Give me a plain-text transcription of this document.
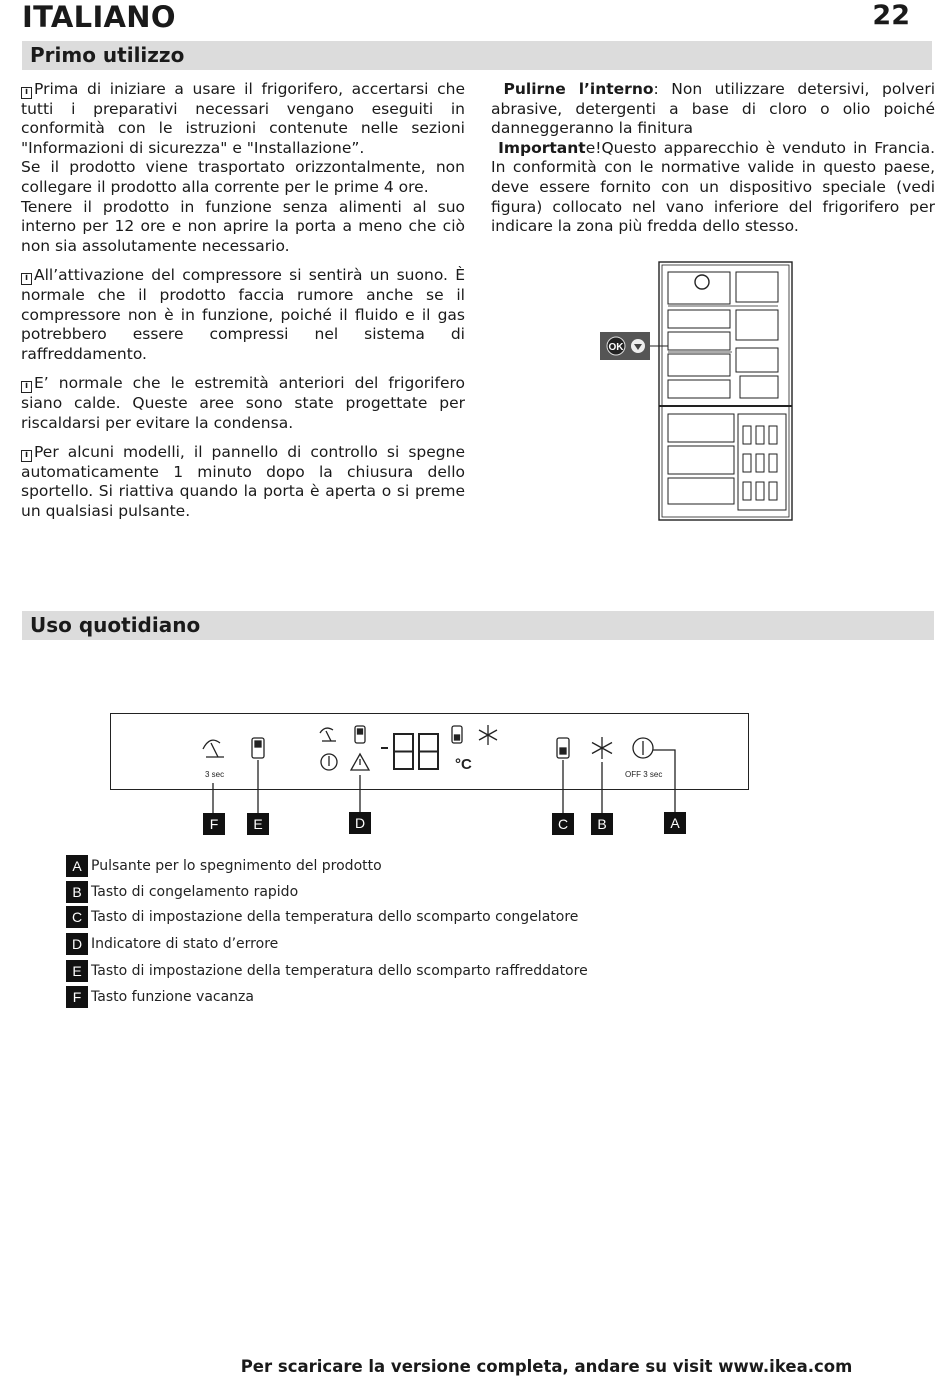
ITALIANO	22
Primo utilizzo

i Prima di iniziare a usare il frigorifero, accertarsi che tutti i preparativi necessari vengano eseguiti in conformità con le istruzioni contenute nelle sezioni "Informazioni di sicurezza" e "Installazione”.

Se il prodotto viene trasportato orizzontalmente, non collegare il prodotto alla corrente per le prime 4 ore.

Tenere il prodotto in funzione senza alimenti al suo interno per 12 ore e non aprire la porta a meno che ciò non sia assolutamente necessario.

i All’attivazione del compressore si sentirà un suono. È normale che il prodotto faccia rumore anche se il compressore non è in funzione, poiché il fluido e il gas potrebbero essere compressi nel sistema di raffreddamento.

i E’ normale che le estremità anteriori del frigorifero siano calde. Queste aree sono state progettate per riscaldarsi per evitare la condensa.

i Per alcuni modelli, il pannello di controllo si spegne automaticamente 1 minuto dopo la chiusura dello sportello. Si riattiva quando la porta è aperta o si preme un qualsiasi pulsante.

Pulirne l’interno: Non utilizzare detersivi, polveri abrasive, detergenti a base di cloro o olio poiché danneggeranno la finitura

Importante!Questo apparecchio è venduto in Francia. In conformità con le normative valide in questo paese, deve essere fornito con un dispositivo speciale (vedi figura) collocato nel vano inferiore del frigorifero per indicare la zona più fredda dello stesso.

OK
Uso quotidiano
°C
3 sec	OFF 3 sec
F	E	D	C	B	A
A Pulsante per lo spegnimento del prodotto
B Tasto di congelamento rapido
C Tasto di impostazione della temperatura dello scomparto congelatore
D Indicatore di stato d’errore
E Tasto di impostazione della temperatura dello scomparto raffreddatore
F Tasto funzione vacanza
Per scaricare la versione completa, andare su visit www.ikea.com
